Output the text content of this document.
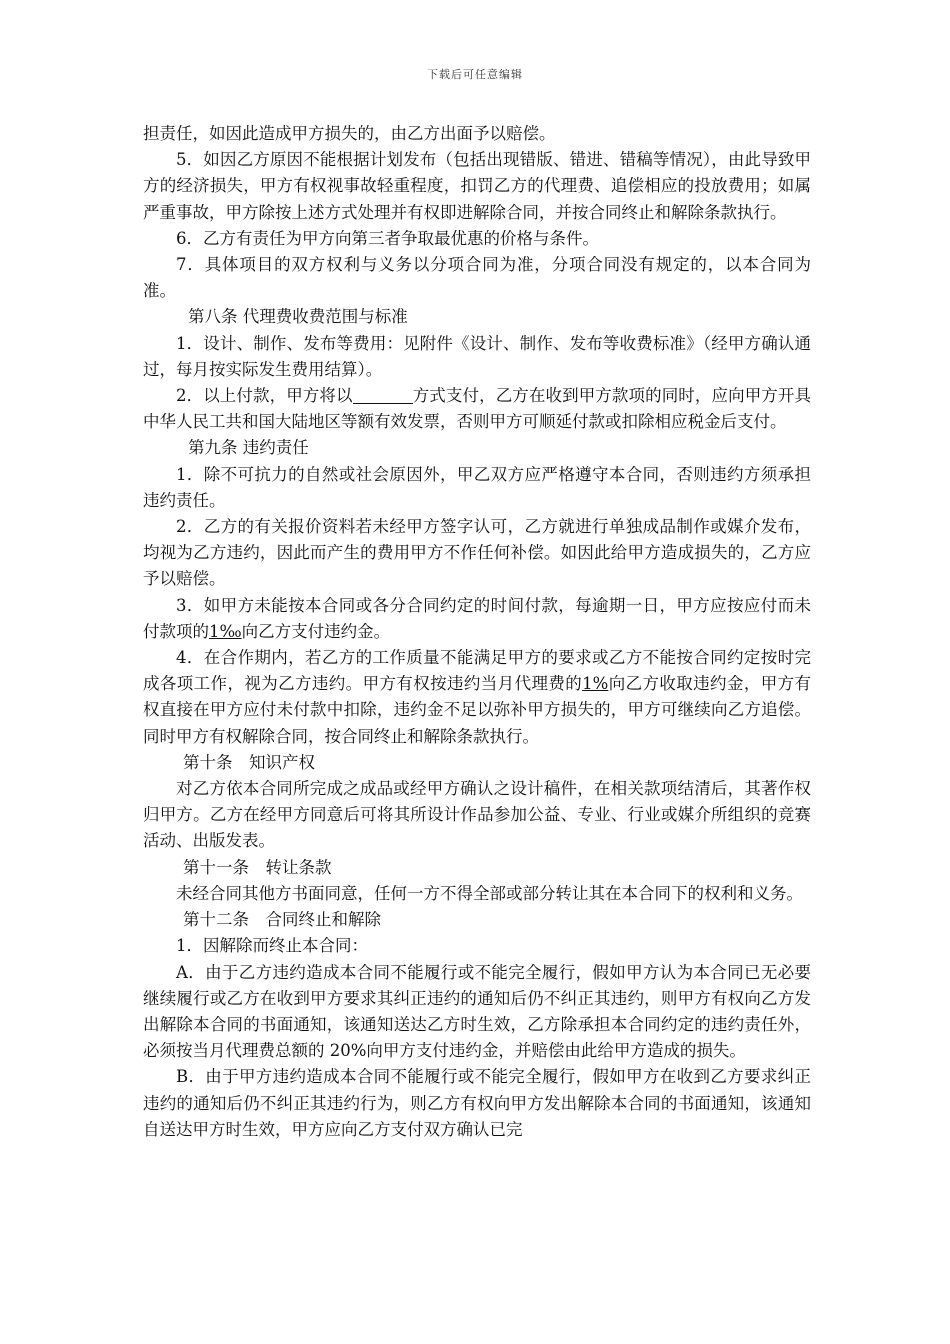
下载后可任意编辑

担责任，如因此造成甲方损失的，由乙方出面予以赔偿。

5．如因乙方原因不能根据计划发布（包括出现错版、错进、错稿等情况），由此导致甲方的经济损失，甲方有权视事故轻重程度，扣罚乙方的代理费、追偿相应的投放费用；如属严重事故，甲方除按上述方式处理并有权即进解除合同，并按合同终止和解除条款执行。

6．乙方有责任为甲方向第三者争取最优惠的价格与条件。

7．具体项目的双方权利与义务以分项合同为准，分项合同没有规定的，以本合同为准。

第八条 代理费收费范围与标准

1．设计、制作、发布等费用：见附件《设计、制作、发布等收费标准》（经甲方确认通过，每月按实际发生费用结算）。

2．以上付款，甲方将以	方式支付，乙方在收到甲方款项的同时，应向甲方开具中华人民工共和国大陆地区等额有效发票，否则甲方可顺延付款或扣除相应税金后支付。

第九条 违约责任

1．除不可抗力的自然或社会原因外，甲乙双方应严格遵守本合同，否则违约方须承担违约责任。

2．乙方的有关报价资料若未经甲方签字认可，乙方就进行单独成品制作或媒介发布，均视为乙方违约，因此而产生的费用甲方不作任何补偿。如因此给甲方造成损失的，乙方应予以赔偿。

3．如甲方未能按本合同或各分合同约定的时间付款，每逾期一日，甲方应按应付而未付款项的1‰向乙方支付违约金。

4．在合作期内，若乙方的工作质量不能满足甲方的要求或乙方不能按合同约定按时完成各项工作，视为乙方违约。甲方有权按违约当月代理费的1%向乙方收取违约金，甲方有权直接在甲方应付未付款中扣除，违约金不足以弥补甲方损失的，甲方可继续向乙方追偿。同时甲方有权解除合同，按合同终止和解除条款执行。

第十条　知识产权

对乙方依本合同所完成之成品或经甲方确认之设计稿件，在相关款项结清后，其著作权归甲方。乙方在经甲方同意后可将其所设计作品参加公益、专业、行业或媒介所组织的竞赛活动、出版发表。

第十一条　转让条款

未经合同其他方书面同意，任何一方不得全部或部分转让其在本合同下的权利和义务。

第十二条　合同终止和解除

1．因解除而终止本合同：

A．由于乙方违约造成本合同不能履行或不能完全履行，假如甲方认为本合同已无必要继续履行或乙方在收到甲方要求其纠正违约的通知后仍不纠正其违约，则甲方有权向乙方发出解除本合同的书面通知，该通知送达乙方时生效，乙方除承担本合同约定的违约责任外，必须按当月代理费总额的 20%向甲方支付违约金，并赔偿由此给甲方造成的损失。

B．由于甲方违约造成本合同不能履行或不能完全履行，假如甲方在收到乙方要求纠正违约的通知后仍不纠正其违约行为，则乙方有权向甲方发出解除本合同的书面通知，该通知自送达甲方时生效，甲方应向乙方支付双方确认已完
